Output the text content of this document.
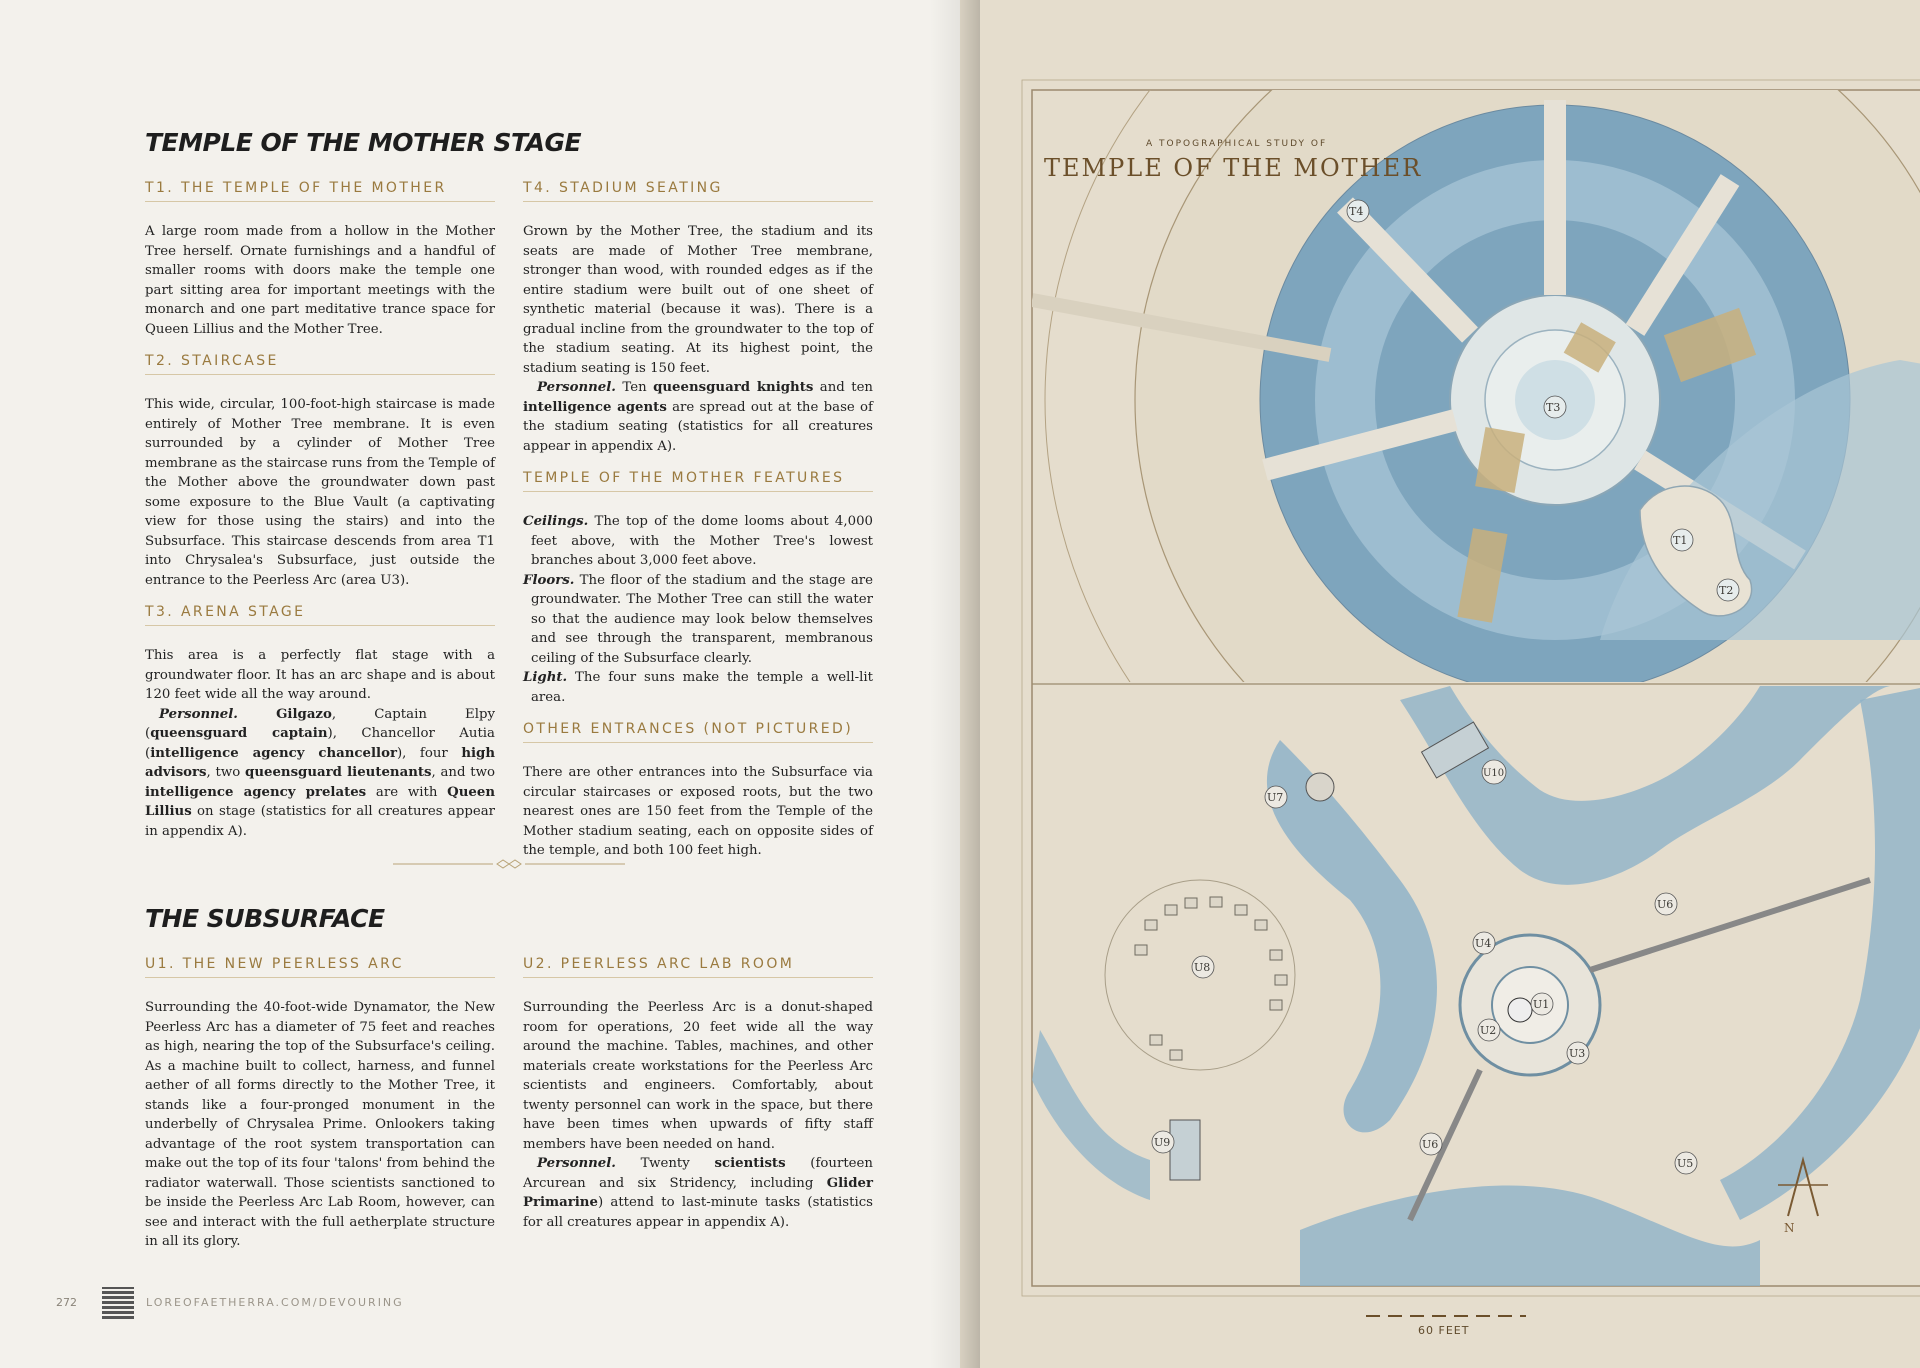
TEMPLE OF THE MOTHER STAGE
T1. THE TEMPLE OF THE MOTHER

A large room made from a hollow in the Mother Tree herself. Ornate furnishings and a handful of smaller rooms with doors make the temple one part sitting area for important meetings with the monarch and one part meditative trance space for Queen Lillius and the Mother Tree.

T2. STAIRCASE

This wide, circular, 100-foot-high staircase is made entirely of Mother Tree membrane. It is even surrounded by a cylinder of Mother Tree membrane as the staircase runs from the Temple of the Mother above the groundwater down past some exposure to the Blue Vault (a captivating view for those using the stairs) and into the Subsurface. This staircase descends from area T1 into Chrysalea's Subsurface, just outside the entrance to the Peerless Arc (area U3).

T3. ARENA STAGE

This area is a perfectly flat stage with a groundwater floor. It has an arc shape and is about 120 feet wide all the way around.

Personnel.	Gilgazo, Captain Elpy (queensguard captain), Chancellor Autia (intelligence agency chancellor), four high advisors, two queensguard lieutenants, and two intelligence agency prelates are with Queen Lillius on stage (statistics for all creatures appear in appendix A).

T4. STADIUM SEATING

Grown by the Mother Tree, the stadium and its seats are made of Mother Tree membrane, stronger than wood, with rounded edges as if the entire stadium were built out of one sheet of synthetic material (because it was). There is a gradual incline from the groundwater to the top of the stadium seating. At its highest point, the stadium seating is 150 feet.

Personnel. Ten queensguard knights and ten intelligence agents are spread out at the base of the stadium seating (statistics for all creatures appear in appendix A).

TEMPLE OF THE MOTHER FEATURES

Ceilings. The top of the dome looms about 4,000 feet above, with the Mother Tree's lowest branches about 3,000 feet above.

Floors. The floor of the stadium and the stage are groundwater. The Mother Tree can still the water so that the audience may look below themselves and see through the transparent, membranous ceiling of the Subsurface clearly.

Light. The four suns make the temple a well-lit area.

OTHER ENTRANCES (NOT PICTURED)

There are other entrances into the Subsurface via circular staircases or exposed roots, but the two nearest ones are 150 feet from the Temple of the Mother stadium seating, each on opposite sides of the temple, and both 100 feet high.

THE SUBSURFACE
U1. THE NEW PEERLESS ARC

Surrounding the 40-foot-wide Dynamator, the New Peerless Arc has a diameter of 75 feet and reaches as high, nearing the top of the Subsurface's ceiling. As a machine built to collect, harness, and funnel aether of all forms directly to the Mother Tree, it stands like a four-pronged monument in the underbelly of Chrysalea Prime. Onlookers taking advantage of the root system transportation can make out the top of its four 'talons' from behind the radiator waterwall. Those scientists sanctioned to be inside the Peerless Arc Lab Room, however, can see and interact with the full aetherplate structure in all its glory.

U2. PEERLESS ARC LAB ROOM

Surrounding the Peerless Arc is a donut-shaped room for operations, 20 feet wide all the way around the machine. Tables, machines, and other materials create workstations for the Peerless Arc scientists and engineers. Comfortably, about twenty personnel can work in the space, but there have been times when upwards of fifty staff members have been needed on hand.

Personnel. Twenty scientists (fourteen Arcurean and six Stridency, including Glider Primarine) attend to last-minute tasks (statistics for all creatures appear in appendix A).

272	LOREOFAETHERRA.COM/DEVOURING
A TOPOGRAPHICAL STUDY OF
TEMPLE OF THE MOTHER
T4
T3
T1
T2
U7
U10
U6
U4
U8
U1
U2
U3
U9	U6
U5
N
60 FEET
